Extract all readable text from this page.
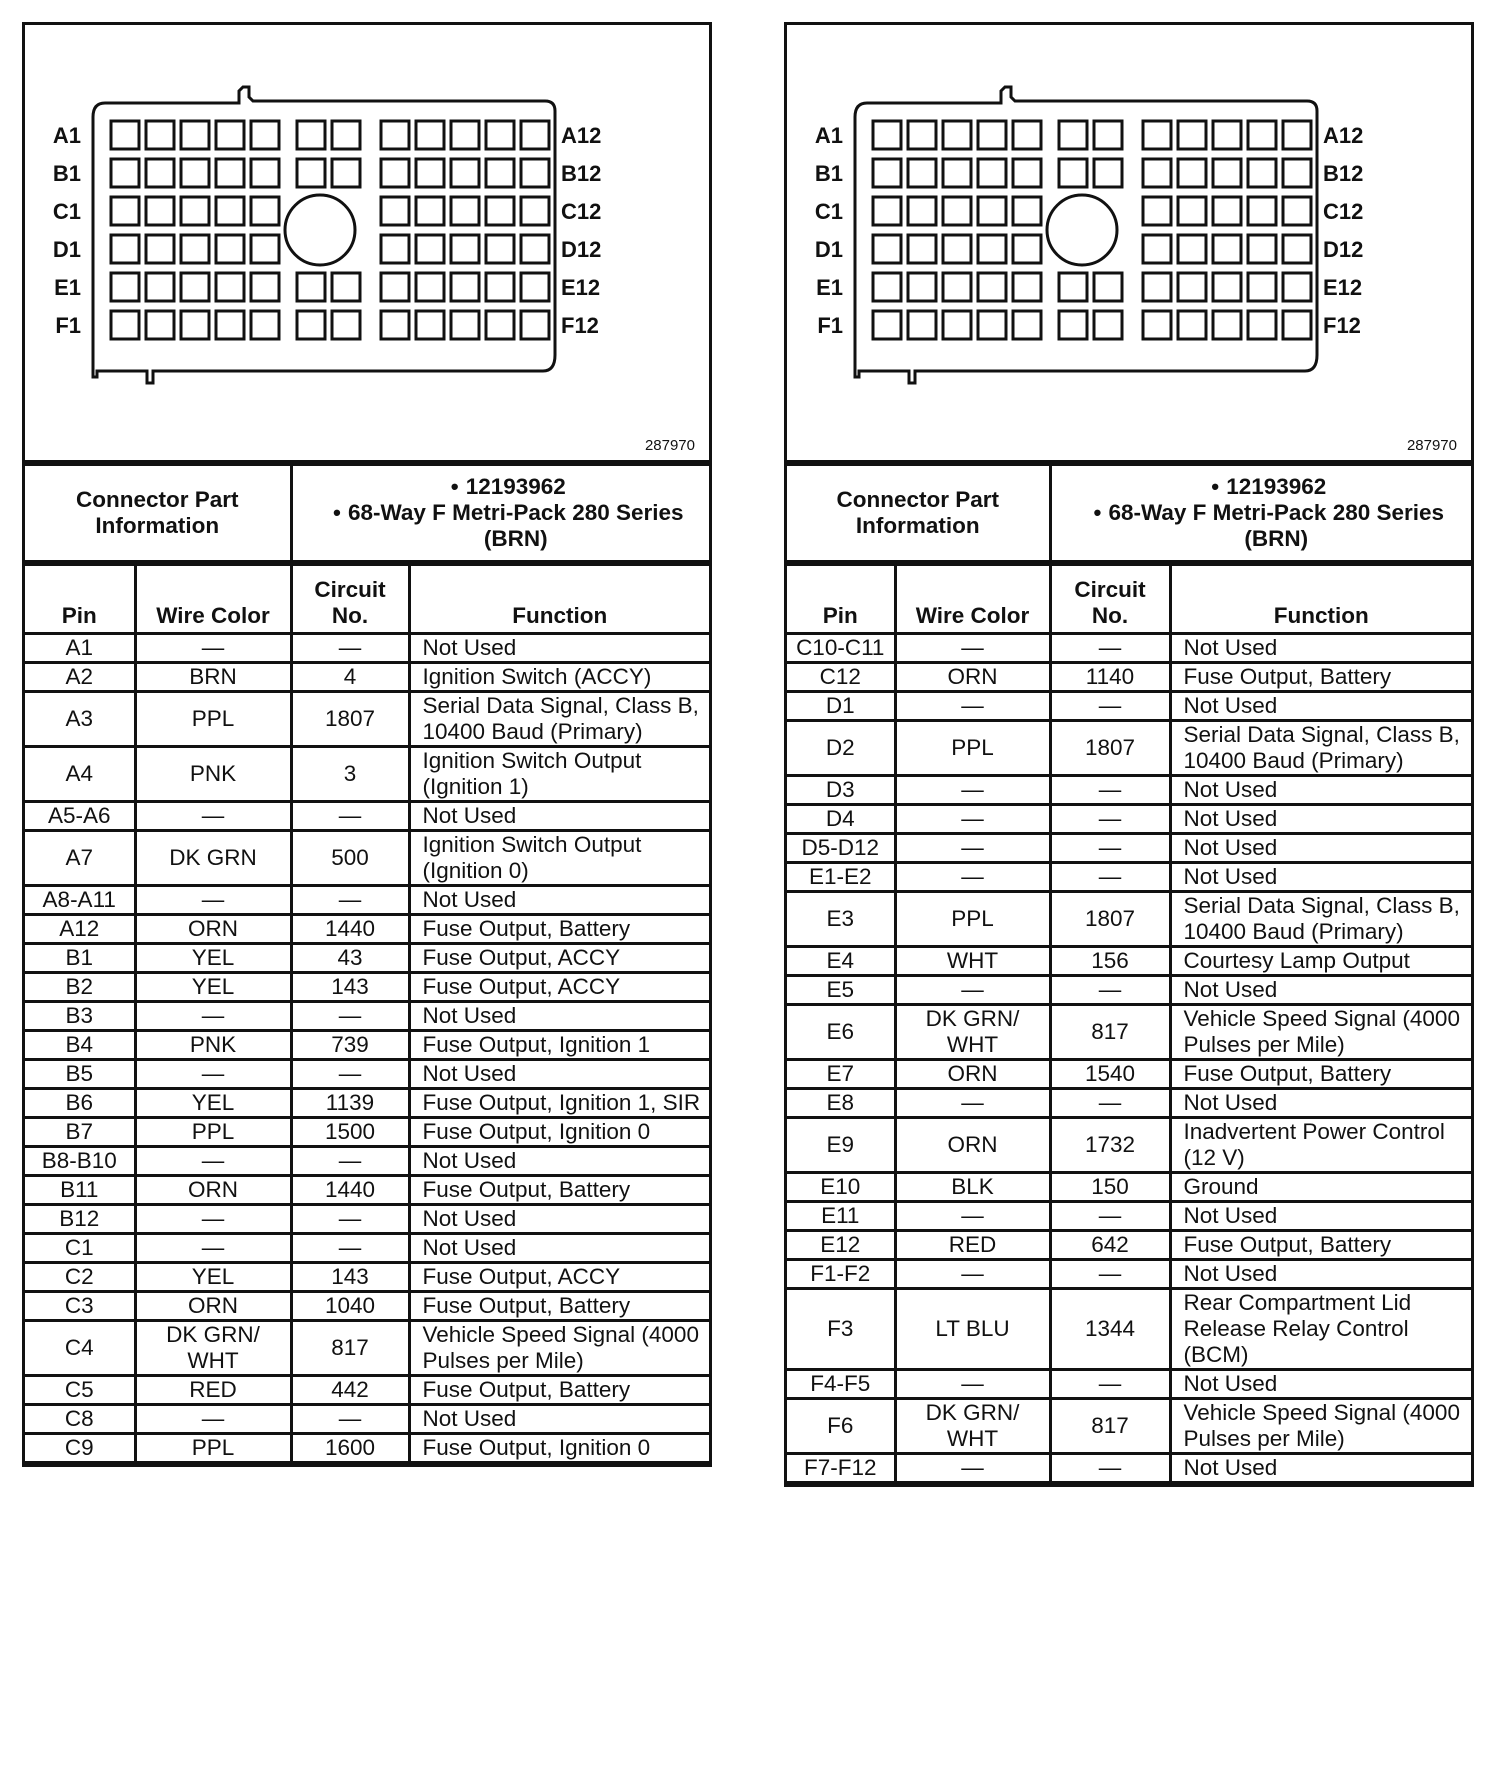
A1	A12
B1	B12
C1	C12
D1	D12
E1	E12
F1	F12
287970
Connector Part Information	
• 12193962
• 68-Way F Metri-Pack 280 Series (BRN)
Pin	Wire Color	Circuit No.	Function
A1	—	—	Not Used
A2	BRN	4	Ignition Switch (ACCY)
A3	PPL	1807	Serial Data Signal, Class B, 10400 Baud (Primary)
A4	PNK	3	Ignition Switch Output (Ignition 1)
A5-A6	—	—	Not Used
A7	DK GRN	500	Ignition Switch Output (Ignition 0)
A8-A11	—	—	Not Used
A12	ORN	1440	Fuse Output, Battery
B1	YEL	43	Fuse Output, ACCY
B2	YEL	143	Fuse Output, ACCY
B3	—	—	Not Used
B4	PNK	739	Fuse Output, Ignition 1
B5	—	—	Not Used
B6	YEL	1139	Fuse Output, Ignition 1, SIR
B7	PPL	1500	Fuse Output, Ignition 0
B8-B10	—	—	Not Used
B11	ORN	1440	Fuse Output, Battery
B12	—	—	Not Used
C1	—	—	Not Used
C2	YEL	143	Fuse Output, ACCY
C3	ORN	1040	Fuse Output, Battery
C4	DK GRN/ WHT	817	Vehicle Speed Signal (4000 Pulses per Mile)
C5	RED	442	Fuse Output, Battery
C8	—	—	Not Used
C9	PPL	1600	Fuse Output, Ignition 0
A1	A12
B1	B12
C1	C12
D1	D12
E1	E12
F1	F12
287970
Connector Part Information	
• 12193962
• 68-Way F Metri-Pack 280 Series (BRN)
Pin	Wire Color	Circuit No.	Function
C10-C11	—	—	Not Used
C12	ORN	1140	Fuse Output, Battery
D1	—	—	Not Used
D2	PPL	1807	Serial Data Signal, Class B, 10400 Baud (Primary)
D3	—	—	Not Used
D4	—	—	Not Used
D5-D12	—	—	Not Used
E1-E2	—	—	Not Used
E3	PPL	1807	Serial Data Signal, Class B, 10400 Baud (Primary)
E4	WHT	156	Courtesy Lamp Output
E5	—	—	Not Used
E6	DK GRN/ WHT	817	Vehicle Speed Signal (4000 Pulses per Mile)
E7	ORN	1540	Fuse Output, Battery
E8	—	—	Not Used
E9	ORN	1732	Inadvertent Power Control (12 V)
E10	BLK	150	Ground
E11	—	—	Not Used
E12	RED	642	Fuse Output, Battery
F1-F2	—	—	Not Used
F3	LT BLU	1344	Rear Compartment Lid Release Relay Control (BCM)
F4-F5	—	—	Not Used
F6	DK GRN/ WHT	817	Vehicle Speed Signal (4000 Pulses per Mile)
F7-F12	—	—	Not Used
